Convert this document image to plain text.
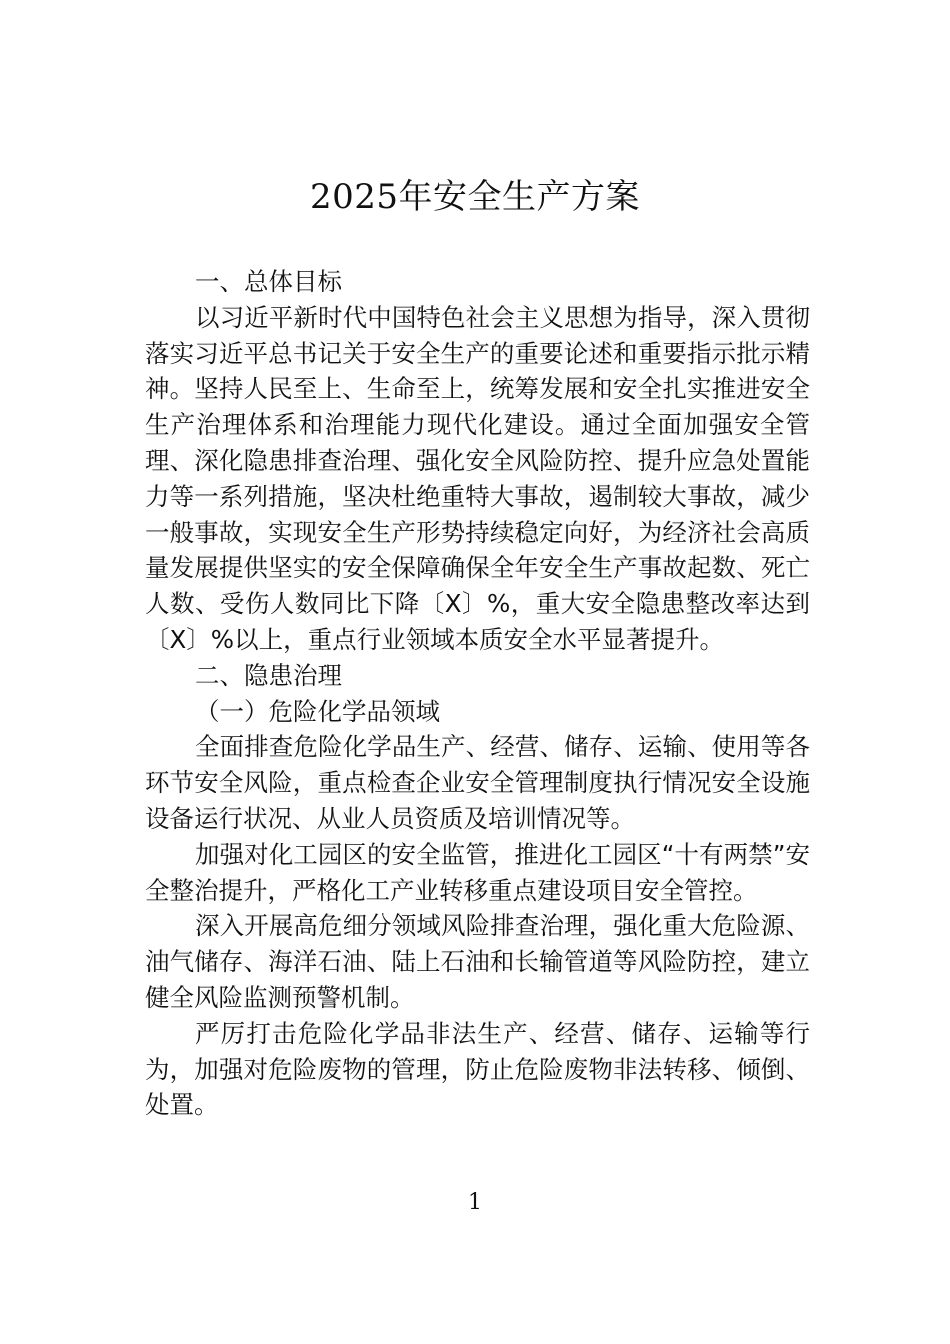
2025年安全生产方案

一、总体目标

以习近平新时代中国特色社会主义思想为指导，深入贯彻落实习近平总书记关于安全生产的重要论述和重要指示批示精神。坚持人民至上、生命至上，统筹发展和安全扎实推进安全生产治理体系和治理能力现代化建设。通过全面加强安全管理、深化隐患排查治理、强化安全风险防控、提升应急处置能力等一系列措施，坚决杜绝重特大事故，遏制较大事故，减少一般事故，实现安全生产形势持续稳定向好，为经济社会高质量发展提供坚实的安全保障确保全年安全生产事故起数、死亡人数、受伤人数同比下降〔X〕%，重大安全隐患整改率达到〔X〕%以上，重点行业领域本质安全水平显著提升。

二、隐患治理

（一）危险化学品领域

全面排查危险化学品生产、经营、储存、运输、使用等各环节安全风险，重点检查企业安全管理制度执行情况安全设施设备运行状况、从业人员资质及培训情况等。

加强对化工园区的安全监管，推进化工园区“十有两禁”安全整治提升，严格化工产业转移重点建设项目安全管控。

深入开展高危细分领域风险排查治理，强化重大危险源、油气储存、海洋石油、陆上石油和长输管道等风险防控，建立健全风险监测预警机制。

严厉打击危险化学品非法生产、经营、储存、运输等行为，加强对危险废物的管理，防止危险废物非法转移、倾倒、处置。

1
